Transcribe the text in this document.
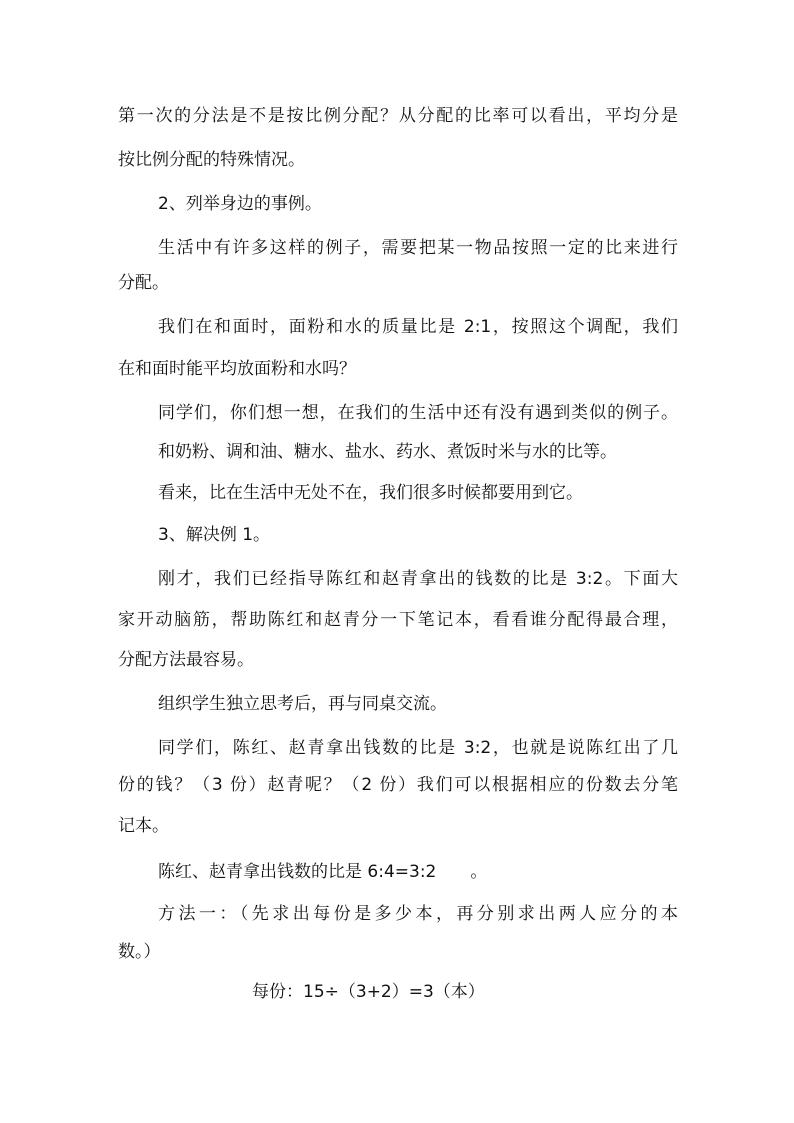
第一次的分法是不是按比例分配？从分配的比率可以看出，平均分是
按比例分配的特殊情况。
2、列举身边的事例。
生活中有许多这样的例子，需要把某一物品按照一定的比来进行
分配。
我们在和面时，面粉和水的质量比是 2:1，按照这个调配，我们
在和面时能平均放面粉和水吗？
同学们，你们想一想，在我们的生活中还有没有遇到类似的例子。
和奶粉、调和油、糖水、盐水、药水、煮饭时米与水的比等。
看来，比在生活中无处不在，我们很多时候都要用到它。
3、解决例 1。
刚才，我们已经指导陈红和赵青拿出的钱数的比是 3:2。下面大
家开动脑筋，帮助陈红和赵青分一下笔记本，看看谁分配得最合理，
分配方法最容易。
组织学生独立思考后，再与同桌交流。
同学们，陈红、赵青拿出钱数的比是 3:2，也就是说陈红出了几
份的钱？（3 份）赵青呢？（2 份）我们可以根据相应的份数去分笔
记本。
陈红、赵青拿出钱数的比是 6:4=3:2　　。
方法一：（先求出每份是多少本，再分别求出两人应分的本
数。）
每份：15÷（3+2）=3（本）
